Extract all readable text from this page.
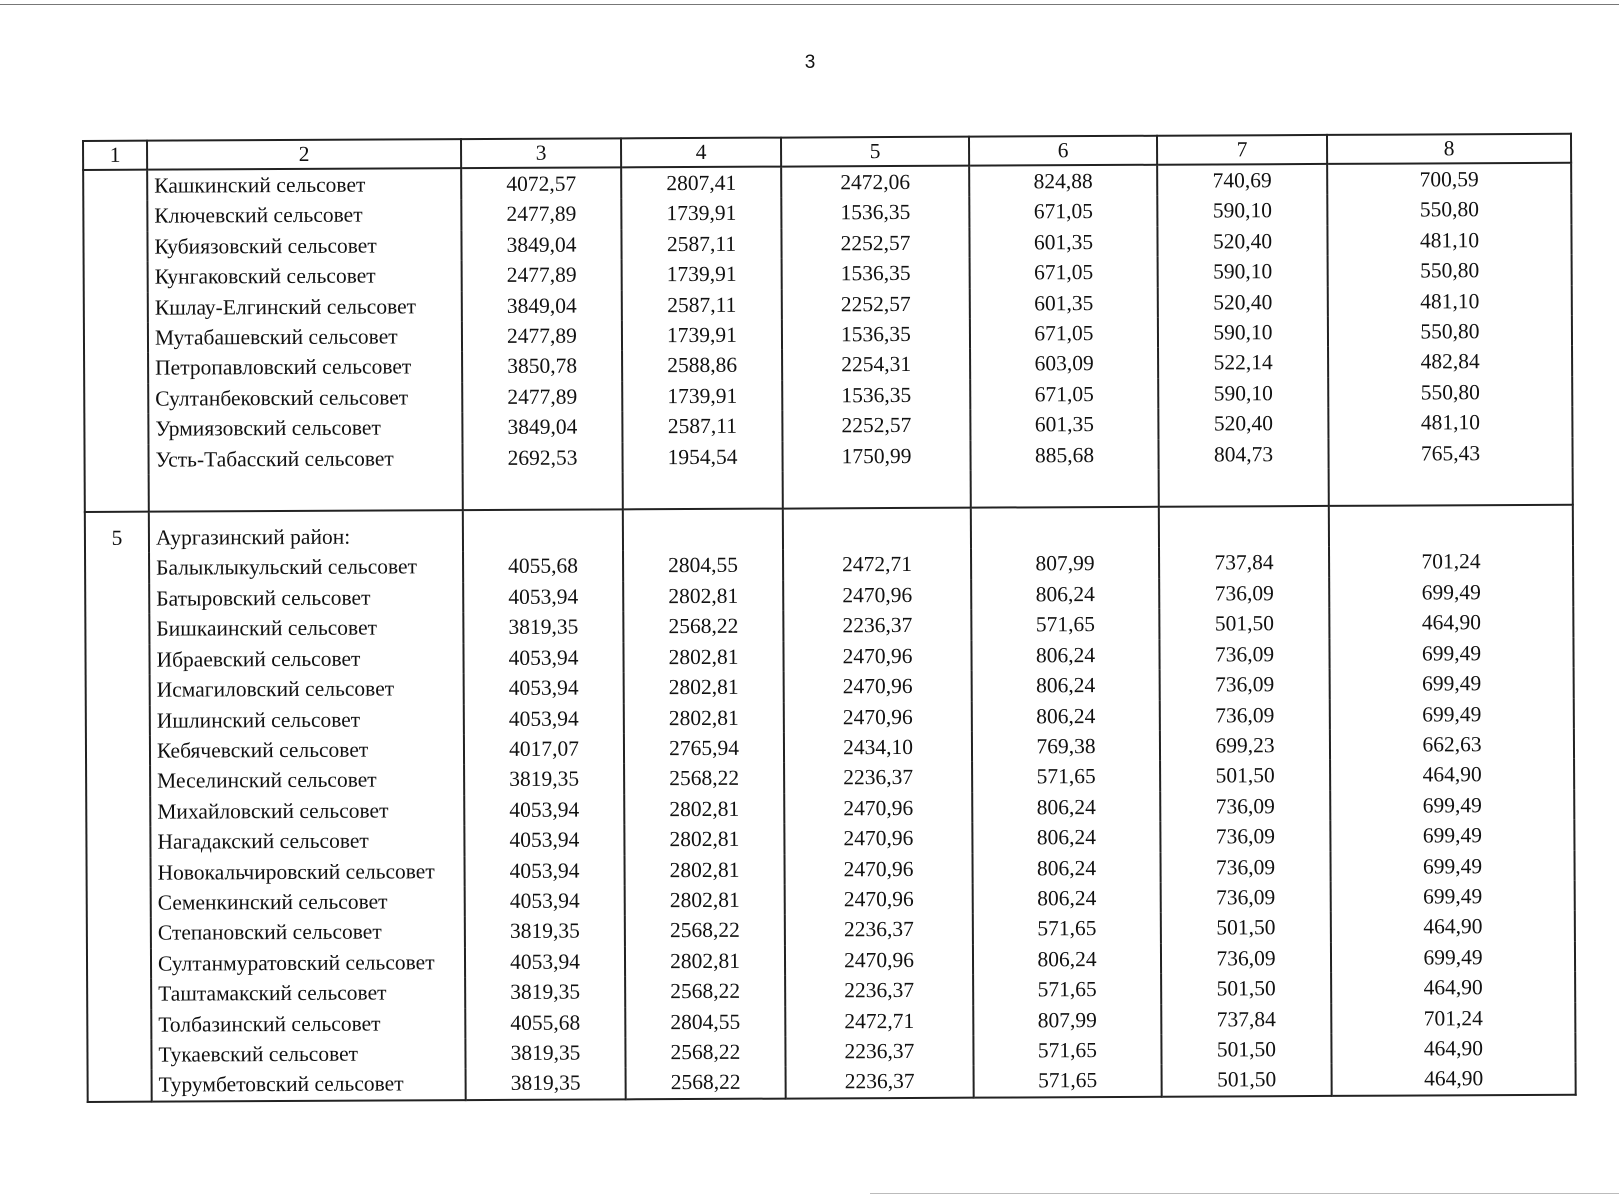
3
1	2	3	4	5	6	7	8
	Кашкинский сельсовет	4072,57	2807,41	2472,06	824,88	740,69	700,59
	Ключевский сельсовет	2477,89	1739,91	1536,35	671,05	590,10	550,80
	Кубиязовский сельсовет	3849,04	2587,11	2252,57	601,35	520,40	481,10
	Кунгаковский сельсовет	2477,89	1739,91	1536,35	671,05	590,10	550,80
	Кшлау-Елгинский сельсовет	3849,04	2587,11	2252,57	601,35	520,40	481,10
	Мутабашевский сельсовет	2477,89	1739,91	1536,35	671,05	590,10	550,80
	Петропавловский сельсовет	3850,78	2588,86	2254,31	603,09	522,14	482,84
	Султанбековский сельсовет	2477,89	1739,91	1536,35	671,05	590,10	550,80
	Урмиязовский сельсовет	3849,04	2587,11	2252,57	601,35	520,40	481,10
	Усть-Табасский сельсовет	2692,53	1954,54	1750,99	885,68	804,73	765,43

5	Аургазинский район:						
	Балыклыкульский сельсовет	4055,68	2804,55	2472,71	807,99	737,84	701,24
	Батыровский сельсовет	4053,94	2802,81	2470,96	806,24	736,09	699,49
	Бишкаинский сельсовет	3819,35	2568,22	2236,37	571,65	501,50	464,90
	Ибраевский сельсовет	4053,94	2802,81	2470,96	806,24	736,09	699,49
	Исмагиловский сельсовет	4053,94	2802,81	2470,96	806,24	736,09	699,49
	Ишлинский сельсовет	4053,94	2802,81	2470,96	806,24	736,09	699,49
	Кебячевский сельсовет	4017,07	2765,94	2434,10	769,38	699,23	662,63
	Меселинский сельсовет	3819,35	2568,22	2236,37	571,65	501,50	464,90
	Михайловский сельсовет	4053,94	2802,81	2470,96	806,24	736,09	699,49
	Нагадакский сельсовет	4053,94	2802,81	2470,96	806,24	736,09	699,49
	Новокальчировский сельсовет	4053,94	2802,81	2470,96	806,24	736,09	699,49
	Семенкинский сельсовет	4053,94	2802,81	2470,96	806,24	736,09	699,49
	Степановский сельсовет	3819,35	2568,22	2236,37	571,65	501,50	464,90
	Султанмуратовский сельсовет	4053,94	2802,81	2470,96	806,24	736,09	699,49
	Таштамакский сельсовет	3819,35	2568,22	2236,37	571,65	501,50	464,90
	Толбазинский сельсовет	4055,68	2804,55	2472,71	807,99	737,84	701,24
	Тукаевский сельсовет	3819,35	2568,22	2236,37	571,65	501,50	464,90
	Турумбетовский сельсовет	3819,35	2568,22	2236,37	571,65	501,50	464,90
